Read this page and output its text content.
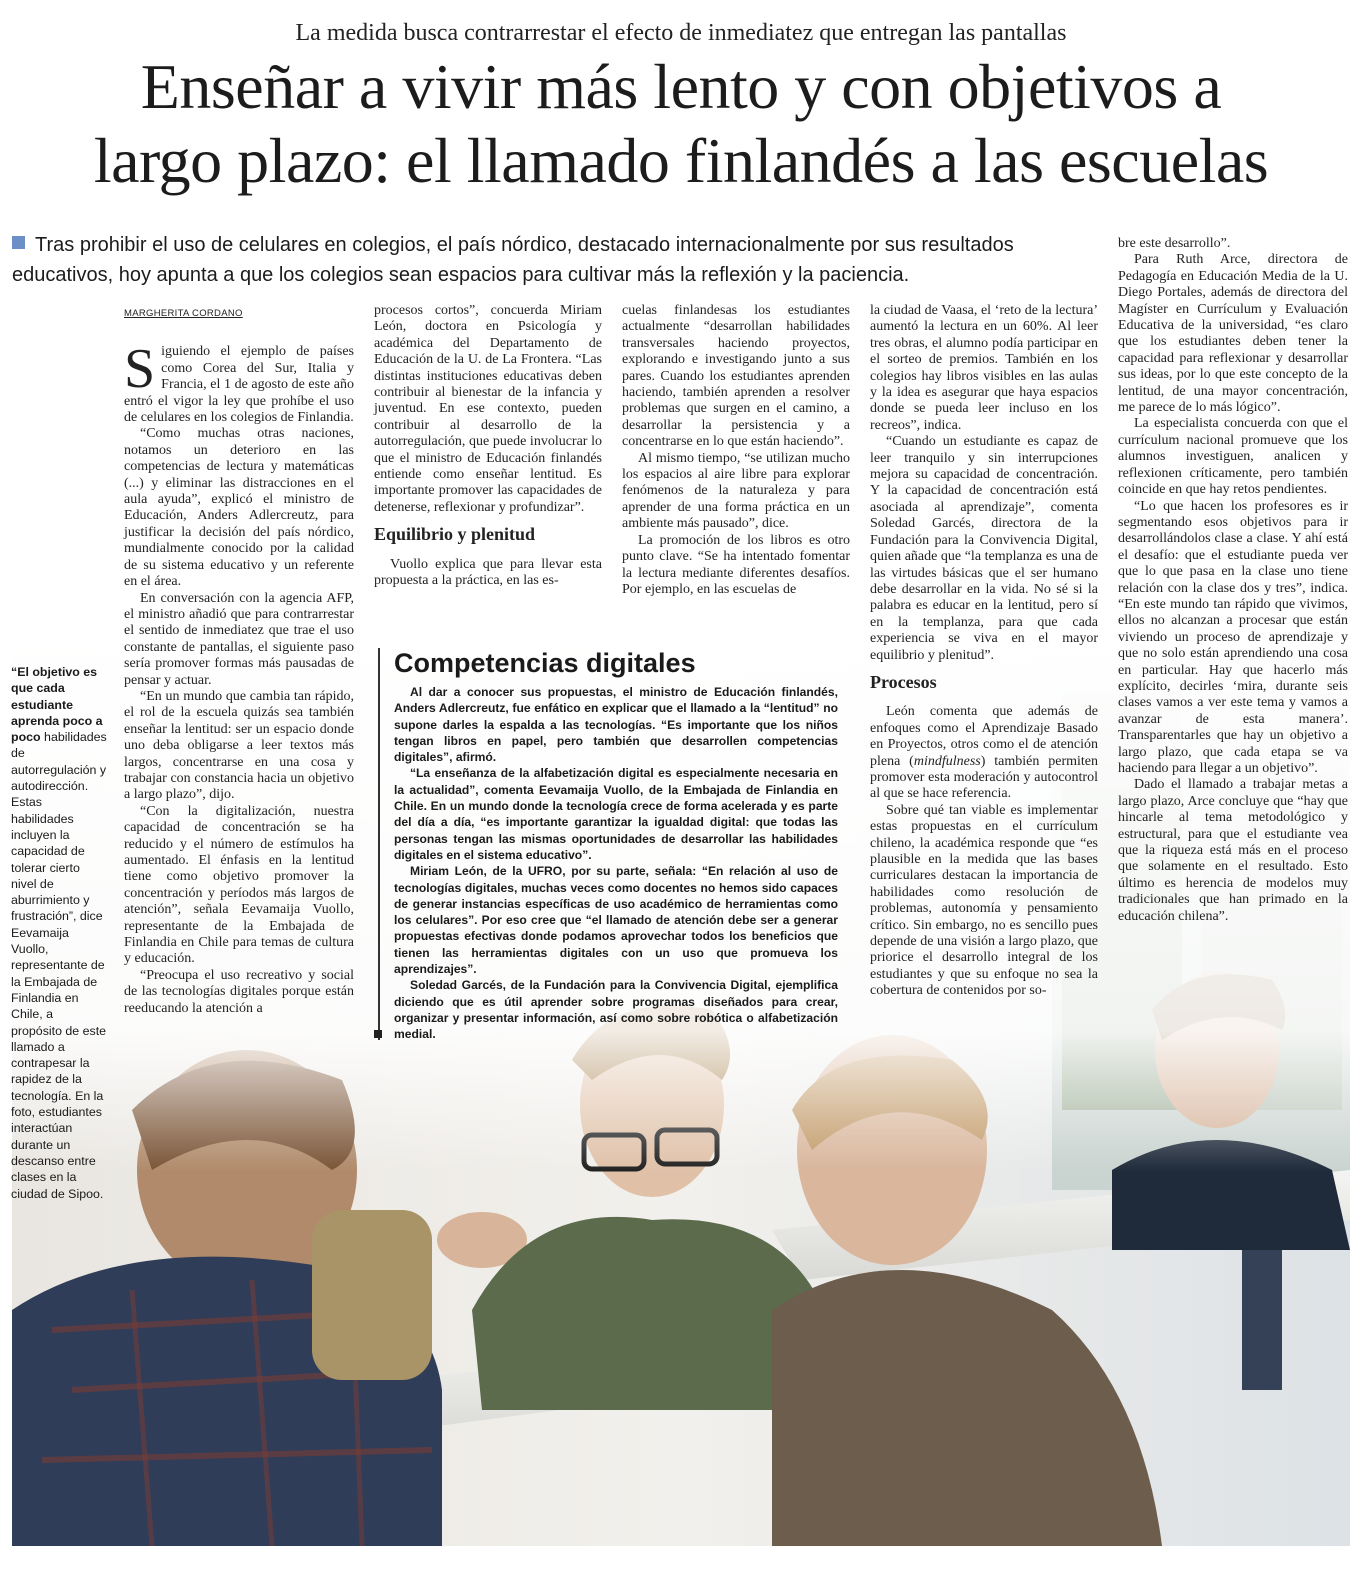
La medida busca contrarrestar el efecto de inmediatez que entregan las pantallas
Enseñar a vivir más lento y con objetivos a
largo plazo: el llamado finlandés a las escuelas
Tras prohibir el uso de celulares en colegios, el país nórdico, destacado internacionalmente por sus resultados educativos, hoy apunta a que los colegios sean espacios para cultivar más la reflexión y la paciencia.
MARGHERITA CORDANO

Siguiendo el ejemplo de países como Corea del Sur, Italia y Francia, el 1 de agosto de este año entró el vigor la ley que prohíbe el uso de celulares en los colegios de Finlandia.

“Como muchas otras naciones, notamos un deterioro en las competencias de lectura y matemáticas (...) y eliminar las distracciones en el aula ayuda”, explicó el ministro de Educación, Anders Adlercreutz, para justificar la decisión del país nórdico, mundialmente conocido por la calidad de su sistema educativo y un referente en el área.

En conversación con la agencia AFP, el ministro añadió que para contrarrestar el sentido de inmediatez que trae el uso constante de pantallas, el siguiente paso sería promover formas más pausadas de pensar y actuar.

“En un mundo que cambia tan rápido, el rol de la escuela quizás sea también enseñar la lentitud: ser un espacio donde uno deba obligarse a leer textos más largos, concentrarse en una cosa y trabajar con constancia hacia un objetivo a largo plazo”, dijo.

“Con la digitalización, nuestra capacidad de concentración se ha reducido y el número de estímulos ha aumentado. El énfasis en la lentitud tiene como objetivo promover la concentración y períodos más largos de atención”, señala Eevamaija Vuollo, representante de la Embajada de Finlandia en Chile para temas de cultura y educación.

“Preocupa el uso recreativo y social de las tecnologías digitales porque están reeducando la atención a

procesos cortos”, concuerda Miriam León, doctora en Psicología y académica del Departamento de Educación de la U. de La Frontera. “Las distintas instituciones educativas deben contribuir al bienestar de la infancia y juventud. En ese contexto, pueden contribuir al desarrollo de la autorregulación, que puede involucrar lo que el ministro de Educación finlandés entiende como enseñar lentitud. Es importante promover las capacidades de detenerse, reflexionar y profundizar”.

Equilibrio y plenitud

Vuollo explica que para llevar esta propuesta a la práctica, en las es-

cuelas finlandesas los estudiantes actualmente “desarrollan habilidades transversales haciendo proyectos, explorando e investigando junto a sus pares. Cuando los estudiantes aprenden haciendo, también aprenden a resolver problemas que surgen en el camino, a desarrollar la persistencia y a concentrarse en lo que están haciendo”.

Al mismo tiempo, “se utilizan mucho los espacios al aire libre para explorar fenómenos de la naturaleza y para aprender de una forma práctica en un ambiente más pausado”, dice.

La promoción de los libros es otro punto clave. “Se ha intentado fomentar la lectura mediante diferentes desafíos. Por ejemplo, en las escuelas de

la ciudad de Vaasa, el ‘reto de la lectura’ aumentó la lectura en un 60%. Al leer tres obras, el alumno podía participar en el sorteo de premios. También en los colegios hay libros visibles en las aulas y la idea es asegurar que haya espacios donde se pueda leer incluso en los recreos”, indica.

“Cuando un estudiante es capaz de leer tranquilo y sin interrupciones mejora su capacidad de concentración. Y la capacidad de concentración está asociada al aprendizaje”, comenta Soledad Garcés, directora de la Fundación para la Convivencia Digital, quien añade que “la templanza es una de las virtudes básicas que el ser humano debe desarrollar en la vida. No sé si la palabra es educar en la lentitud, pero sí en la templanza, para que cada experiencia se viva en el mayor equilibrio y plenitud”.

Procesos

León comenta que además de enfoques como el Aprendizaje Basado en Proyectos, otros como el de atención plena (mindfulness) también permiten promover esta moderación y autocontrol al que se hace referencia.

Sobre qué tan viable es implementar estas propuestas en el currículum chileno, la académica responde que “es plausible en la medida que las bases curriculares destacan la importancia de habilidades como resolución de problemas, autonomía y pensamiento crítico. Sin embargo, no es sencillo pues depende de una visión a largo plazo, que priorice el desarrollo integral de los estudiantes y que su enfoque no sea la cobertura de contenidos por so-

bre este desarrollo”.

Para Ruth Arce, directora de Pedagogía en Educación Media de la U. Diego Portales, además de directora del Magíster en Currículum y Evaluación Educativa de la universidad, “es claro que los estudiantes deben tener la capacidad para reflexionar y desarrollar sus ideas, por lo que este concepto de la lentitud, de una mayor concentración, me parece de lo más lógico”.

La especialista concuerda con que el currículum nacional promueve que los alumnos investiguen, analicen y reflexionen críticamente, pero también coincide en que hay retos pendientes.

“Lo que hacen los profesores es ir segmentando esos objetivos para ir desarrollándolos clase a clase. Y ahí está el desafío: que el estudiante pueda ver que lo que pasa en la clase uno tiene relación con la clase dos y tres”, indica. “En este mundo tan rápido que vivimos, ellos no alcanzan a procesar que están viviendo un proceso de aprendizaje y que no solo están aprendiendo una cosa en particular. Hay que hacerlo más explícito, decirles ‘mira, durante seis clases vamos a ver este tema y vamos a avanzar de esta manera’. Transparentarles que hay un objetivo a largo plazo, que cada etapa se va haciendo para llegar a un objetivo”.

Dado el llamado a trabajar metas a largo plazo, Arce concluye que “hay que hincarle al tema metodológico y estructural, para que el estudiante vea que la riqueza está más en el proceso que solamente en el resultado. Esto último es herencia de modelos muy tradicionales que han primado en la educación chilena”.

“El objetivo es que cada estudiante aprenda poco a poco habilidades de autorregulación y autodirección. Estas habilidades incluyen la capacidad de tolerar cierto nivel de aburrimiento y frustración”, dice Eevamaija Vuollo, representante de la Embajada de Finlandia en Chile, a propósito de este llamado a contrapesar la rapidez de la tecnología. En la foto, estudiantes interactúan durante un descanso entre clases en la ciudad de Sipoo.
Competencias digitales

Al dar a conocer sus propuestas, el ministro de Educación finlandés, Anders Adlercreutz, fue enfático en explicar que el llamado a la “lentitud” no supone darles la espalda a las tecnologías. “Es importante que los niños tengan libros en papel, pero también que desarrollen competencias digitales”, afirmó.

“La enseñanza de la alfabetización digital es especialmente necesaria en la actualidad”, comenta Eevamaija Vuollo, de la Embajada de Finlandia en Chile. En un mundo donde la tecnología crece de forma acelerada y es parte del día a día, “es importante garantizar la igualdad digital: que todas las personas tengan las mismas oportunidades de desarrollar las habilidades digitales en el sistema educativo”.

Miriam León, de la UFRO, por su parte, señala: “En relación al uso de tecnologías digitales, muchas veces como docentes no hemos sido capaces de generar instancias específicas de uso académico de herramientas como los celulares”. Por eso cree que “el llamado de atención debe ser a generar propuestas efectivas donde podamos aprovechar todos los beneficios que tienen las herramientas digitales con un uso que promueva los aprendizajes”.

Soledad Garcés, de la Fundación para la Convivencia Digital, ejemplifica diciendo que es útil aprender sobre programas diseñados para crear, organizar y presentar información, así como sobre robótica o alfabetización medial.
